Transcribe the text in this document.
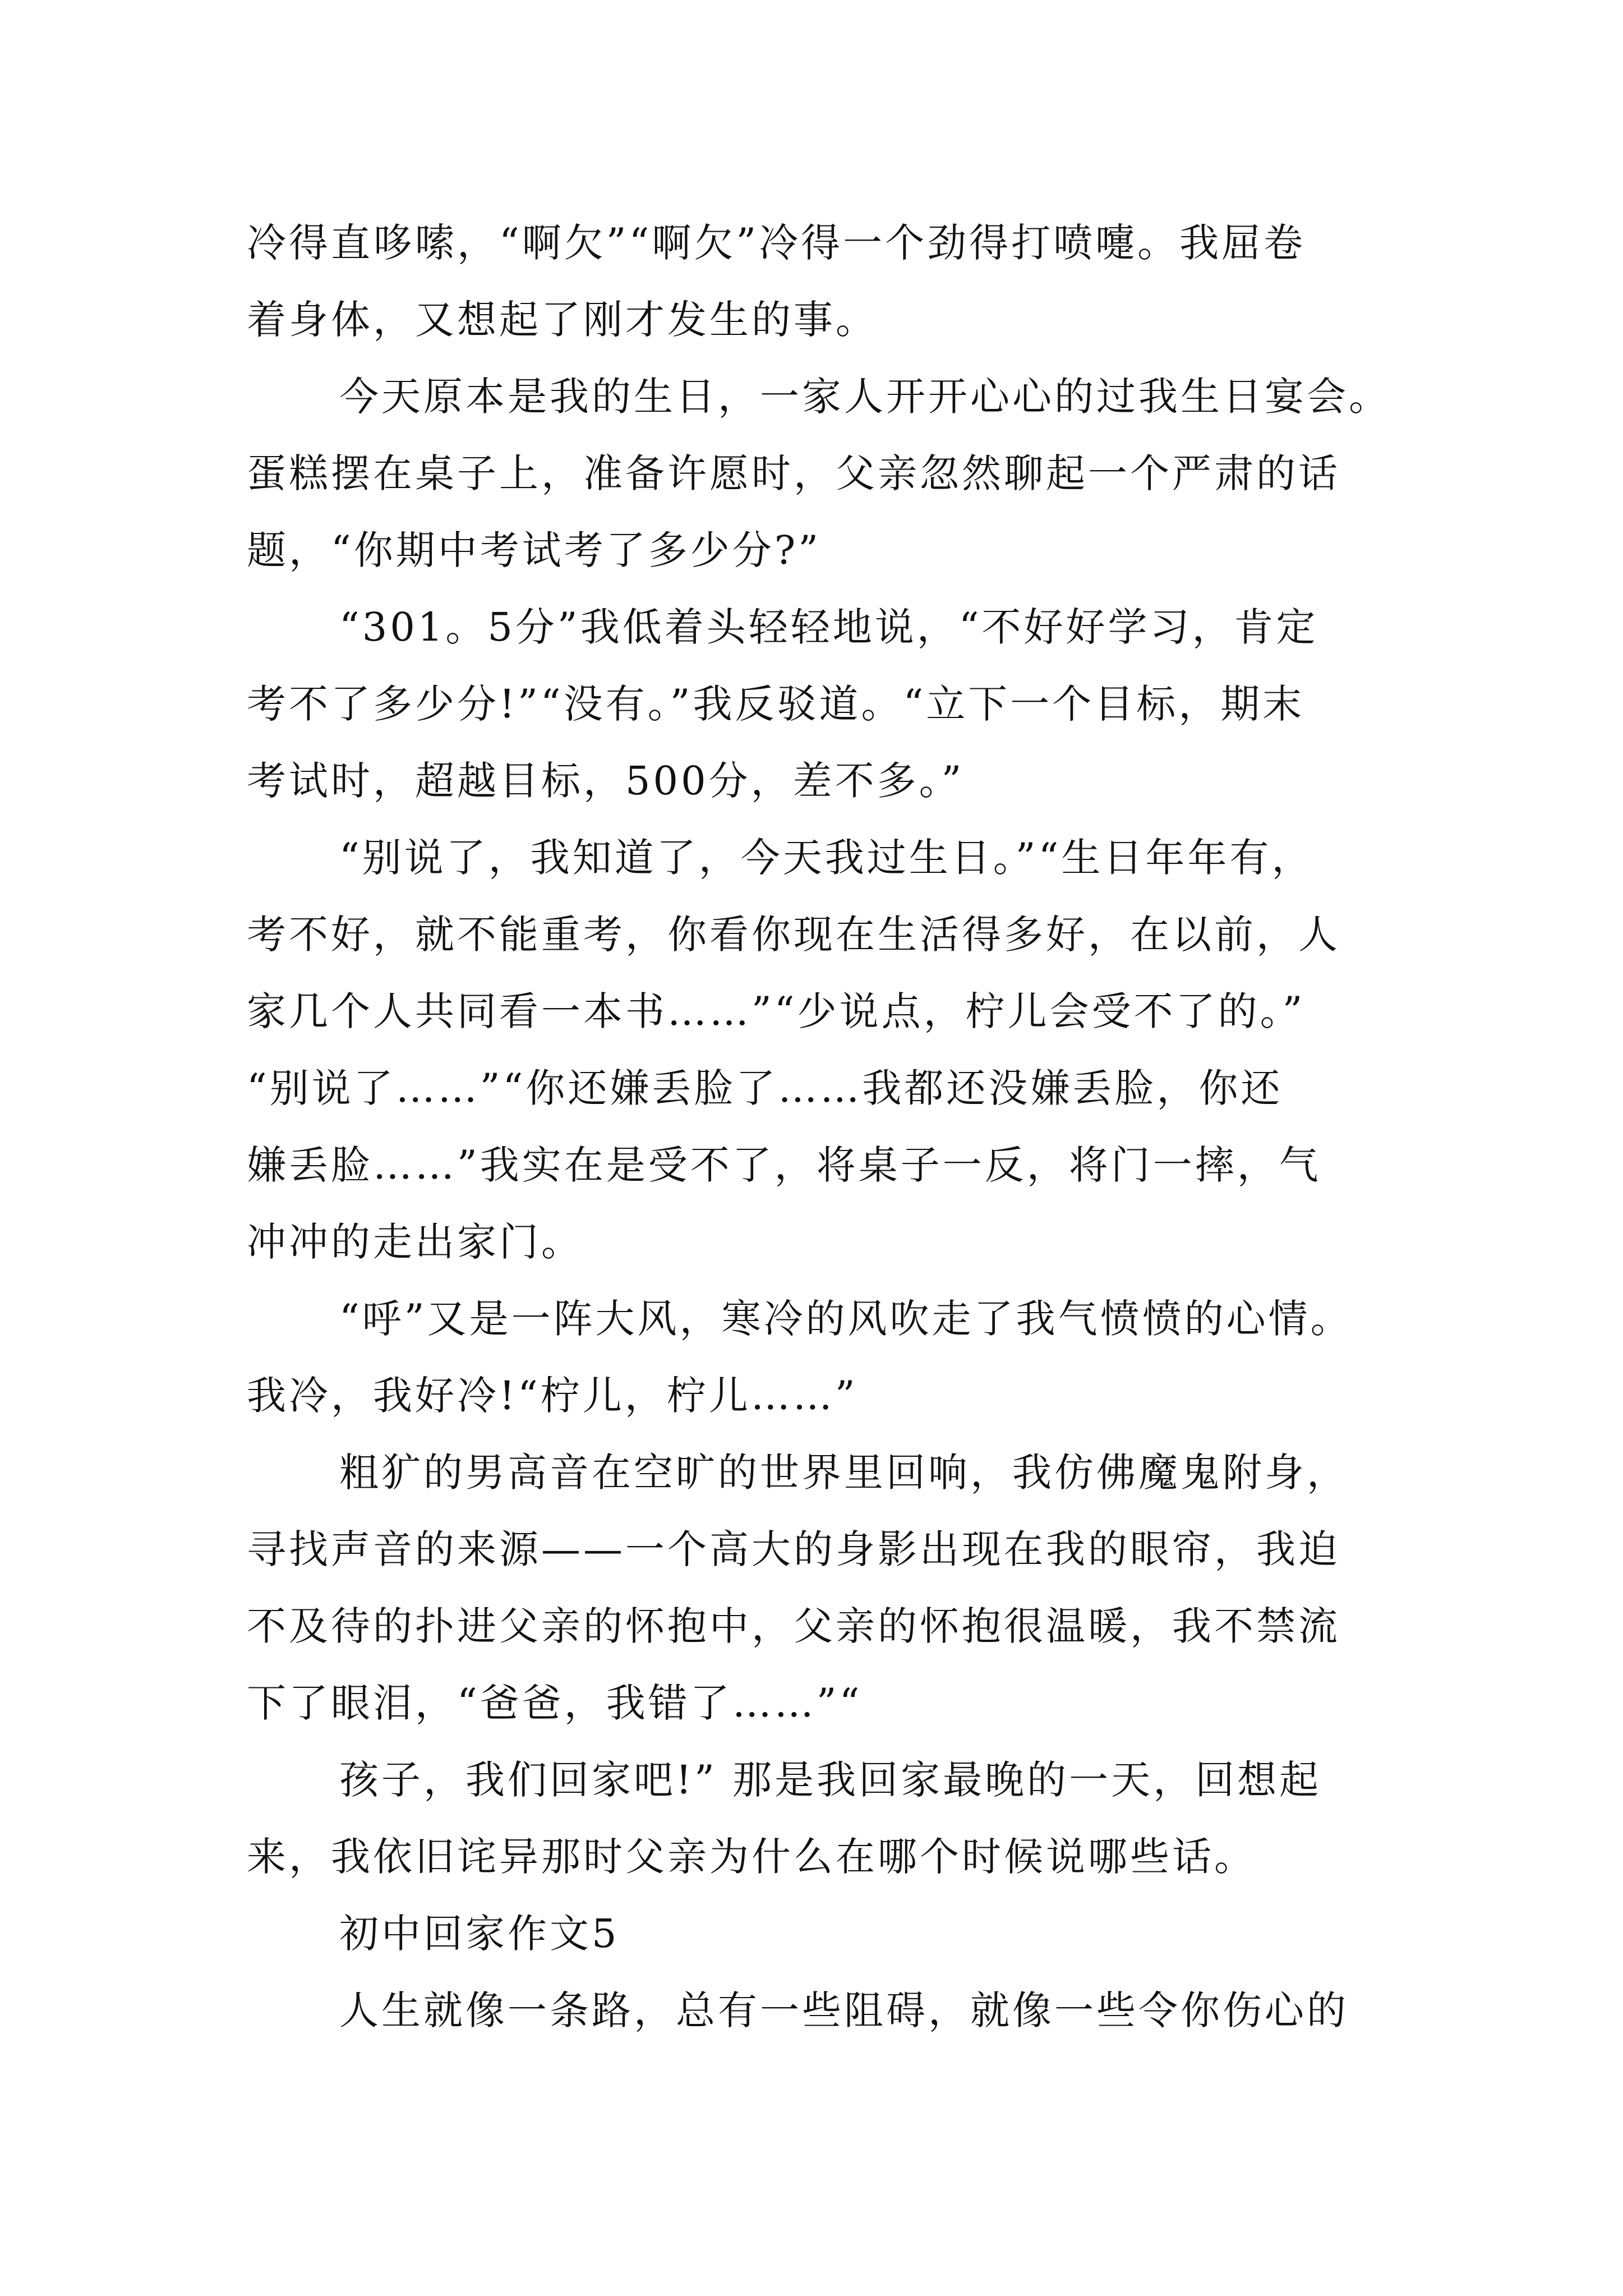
冷得直哆嗦，“啊欠”“啊欠”冷得一个劲得打喷嚏。我屈卷

着身体，又想起了刚才发生的事。

今天原本是我的生日，一家人开开心心的过我生日宴会。

蛋糕摆在桌子上，准备许愿时，父亲忽然聊起一个严肃的话

题，“你期中考试考了多少分?”

“301。5分”我低着头轻轻地说，“不好好学习，肯定

考不了多少分!”“没有。”我反驳道。“立下一个目标，期末

考试时，超越目标，500分，差不多。”

“别说了，我知道了，今天我过生日。”“生日年年有，

考不好，就不能重考，你看你现在生活得多好，在以前，人

家几个人共同看一本书……”“少说点，柠儿会受不了的。”

“别说了……”“你还嫌丢脸了……我都还没嫌丢脸，你还

嫌丢脸……”我实在是受不了，将桌子一反，将门一摔，气

冲冲的走出家门。

“呼”又是一阵大风，寒冷的风吹走了我气愤愤的心情。

我冷，我好冷!“柠儿，柠儿……”

粗犷的男高音在空旷的世界里回响，我仿佛魔鬼附身，

寻找声音的来源——一个高大的身影出现在我的眼帘，我迫

不及待的扑进父亲的怀抱中，父亲的怀抱很温暖，我不禁流

下了眼泪，“爸爸，我错了……”“

孩子，我们回家吧!” 那是我回家最晚的一天，回想起

来，我依旧诧异那时父亲为什么在哪个时候说哪些话。

初中回家作文5

人生就像一条路，总有一些阻碍，就像一些令你伤心的
